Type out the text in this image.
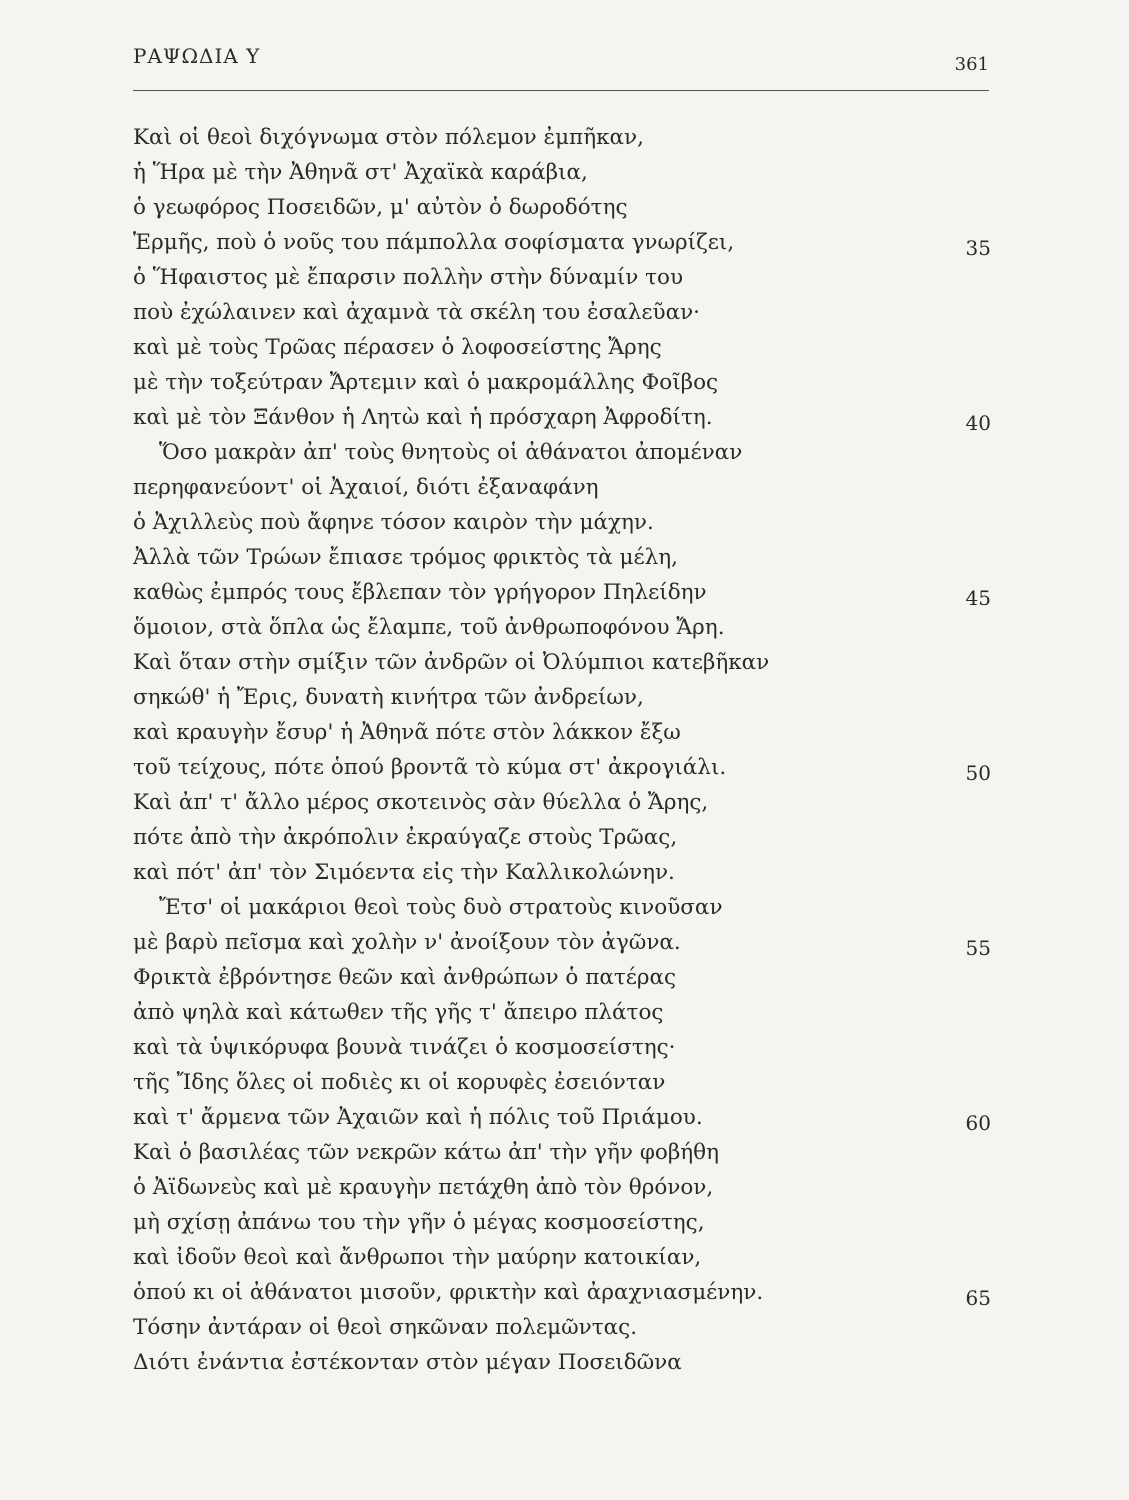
ΡΑΨΩΔΙΑ Υ	361
Καὶ οἱ θεοὶ διχόγνωμα στὸν πόλεμον ἐμπῆκαν,
ἡ Ἥρα μὲ τὴν Ἀθηνᾶ στ' Ἀχαϊκὰ καράβια,
ὁ γεωφόρος Ποσειδῶν, μ' αὐτὸν ὁ δωροδότης
Ἑρμῆς, ποὺ ὁ νοῦς του πάμπολλα σοφίσματα γνωρίζει,	35
ὁ Ἥφαιστος μὲ ἔπαρσιν πολλὴν στὴν δύναμίν του
ποὺ ἐχώλαινεν καὶ ἀχαμνὰ τὰ σκέλη του ἐσαλεῦαν·
καὶ μὲ τοὺς Τρῶας πέρασεν ὁ λοφοσείστης Ἄρης
μὲ τὴν τοξεύτραν Ἄρτεμιν καὶ ὁ μακρομάλλης Φοῖβος
καὶ μὲ τὸν Ξάνθον ἡ Λητὼ καὶ ἡ πρόσχαρη Ἀφροδίτη.	40
Ὅσο μακρὰν ἀπ' τοὺς θνητοὺς οἱ ἀθάνατοι ἀπομέναν
περηφανεύοντ' οἱ Ἀχαιοί, διότι ἐξαναφάνη
ὁ Ἀχιλλεὺς ποὺ ἄφηνε τόσον καιρὸν τὴν μάχην.
Ἀλλὰ τῶν Τρώων ἔπιασε τρόμος φρικτὸς τὰ μέλη,
καθὼς ἐμπρός τους ἔβλεπαν τὸν γρήγορον Πηλείδην	45
ὅμοιον, στὰ ὅπλα ὡς ἔλαμπε, τοῦ ἀνθρωποφόνου Ἄρη.
Καὶ ὅταν στὴν σμίξιν τῶν ἀνδρῶν οἱ Ὀλύμπιοι κατεβῆκαν
σηκώθ' ἡ Ἔρις, δυνατὴ κινήτρα τῶν ἀνδρείων,
καὶ κραυγὴν ἔσυρ' ἡ Ἀθηνᾶ πότε στὸν λάκκον ἔξω
τοῦ τείχους, πότε ὁπού βροντᾶ τὸ κύμα στ' ἀκρογιάλι.	50
Καὶ ἀπ' τ' ἄλλο μέρος σκοτεινὸς σὰν θύελλα ὁ Ἄρης,
πότε ἀπὸ τὴν ἀκρόπολιν ἐκραύγαζε στοὺς Τρῶας,
καὶ πότ' ἀπ' τὸν Σιμόεντα εἰς τὴν Καλλικολώνην.
Ἔτσ' οἱ μακάριοι θεοὶ τοὺς δυὸ στρατοὺς κινοῦσαν
μὲ βαρὺ πεῖσμα καὶ χολὴν ν' ἀνοίξουν τὸν ἀγῶνα.	55
Φρικτὰ ἐβρόντησε θεῶν καὶ ἀνθρώπων ὁ πατέρας
ἀπὸ ψηλὰ καὶ κάτωθεν τῆς γῆς τ' ἄπειρο πλάτος
καὶ τὰ ὑψικόρυφα βουνὰ τινάζει ὁ κοσμοσείστης·
τῆς Ἴδης ὅλες οἱ ποδιὲς κι οἱ κορυφὲς ἐσειόνταν
καὶ τ' ἄρμενα τῶν Ἀχαιῶν καὶ ἡ πόλις τοῦ Πριάμου.	60
Καὶ ὁ βασιλέας τῶν νεκρῶν κάτω ἀπ' τὴν γῆν φοβήθη
ὁ Ἀϊδωνεὺς καὶ μὲ κραυγὴν πετάχθη ἀπὸ τὸν θρόνον,
μὴ σχίσῃ ἀπάνω του τὴν γῆν ὁ μέγας κοσμοσείστης,
καὶ ἰδοῦν θεοὶ καὶ ἄνθρωποι τὴν μαύρην κατοικίαν,
ὁπού κι οἱ ἀθάνατοι μισοῦν, φρικτὴν καὶ ἀραχνιασμένην.	65
Τόσην ἀντάραν οἱ θεοὶ σηκῶναν πολεμῶντας.
Διότι ἐνάντια ἐστέκονταν στὸν μέγαν Ποσειδῶνα
